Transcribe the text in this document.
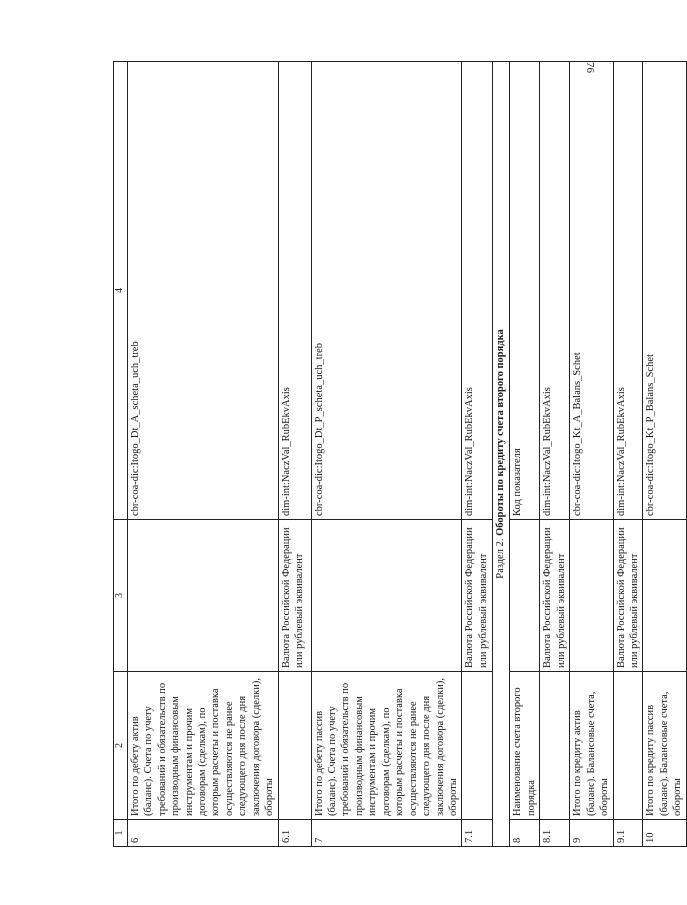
76
1	2	3	4
6	Итого по дебету актив (баланс). Счета по учету требований и обязательств по производным финансовым инструментам и прочим договорам (сделкам), по которым расчеты и поставка осуществляются не ранее следующего дня после дня заключения договора (сделки), обороты		cbr-coa-dic:Itogo_Dt_A_scheta_uch_treb
6.1		Валюта Российской Федерации или рублевый эквивалент	dim-int:NaczVal_RubEkvAxis
7	Итого по дебету пассив (баланс). Счета по учету требований и обязательств по производным финансовым инструментам и прочим договорам (сделкам), по которым расчеты и поставка осуществляются не ранее следующего дня после дня заключения договора (сделки), обороты		cbr-coa-dic:Itogo_Dt_P_scheta_uch_treb
7.1		Валюта Российской Федерации или рублевый эквивалент	dim-int:NaczVal_RubEkvAxis
Раздел 2. Обороты по кредиту счета второго порядка			
8	Наименование счета второго порядка		Код показателя
8.1		Валюта Российской Федерации или рублевый эквивалент	dim-int:NaczVal_RubEkvAxis
9	Итого по кредиту актив (баланс). Балансовые счета, обороты		cbr-coa-dic:Itogo_Kt_A_Balans_Schet
9.1		Валюта Российской Федерации или рублевый эквивалент	dim-int:NaczVal_RubEkvAxis
10	Итого по кредиту пассив (баланс). Балансовые счета, обороты		cbr-coa-dic:Itogo_Kt_P_Balans_Schet
